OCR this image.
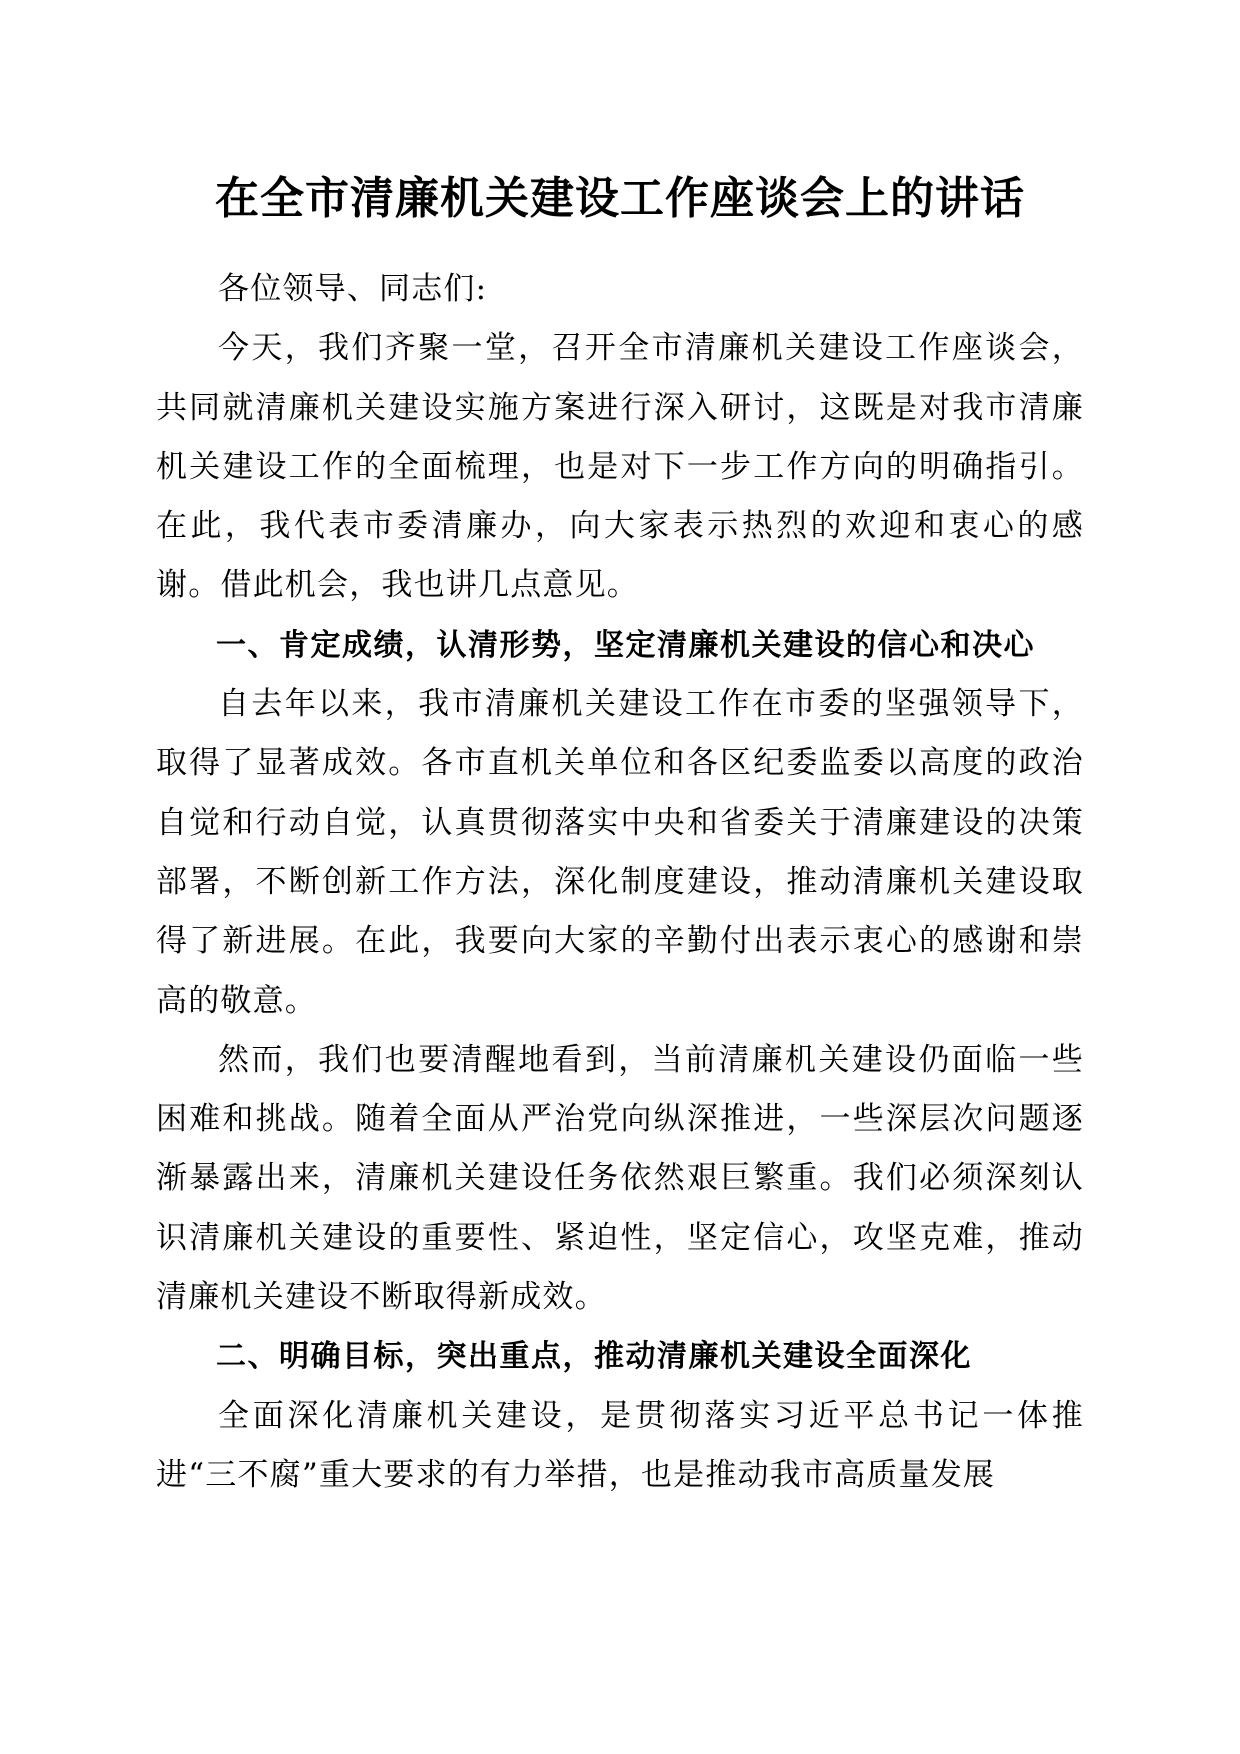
在全市清廉机关建设工作座谈会上的讲话

各位领导、同志们:

今天，我们齐聚一堂，召开全市清廉机关建设工作座谈会，共同就清廉机关建设实施方案进行深入研讨，这既是对我市清廉机关建设工作的全面梳理，也是对下一步工作方向的明确指引。在此，我代表市委清廉办，向大家表示热烈的欢迎和衷心的感谢。借此机会，我也讲几点意见。

一、肯定成绩，认清形势，坚定清廉机关建设的信心和决心

自去年以来，我市清廉机关建设工作在市委的坚强领导下，取得了显著成效。各市直机关单位和各区纪委监委以高度的政治自觉和行动自觉，认真贯彻落实中央和省委关于清廉建设的决策部署，不断创新工作方法，深化制度建设，推动清廉机关建设取得了新进展。在此，我要向大家的辛勤付出表示衷心的感谢和崇高的敬意。

然而，我们也要清醒地看到，当前清廉机关建设仍面临一些困难和挑战。随着全面从严治党向纵深推进，一些深层次问题逐渐暴露出来，清廉机关建设任务依然艰巨繁重。我们必须深刻认识清廉机关建设的重要性、紧迫性，坚定信心，攻坚克难，推动清廉机关建设不断取得新成效。

二、明确目标，突出重点，推动清廉机关建设全面深化

全面深化清廉机关建设，是贯彻落实习近平总书记一体推进“三不腐”重大要求的有力举措，也是推动我市高质量发展
